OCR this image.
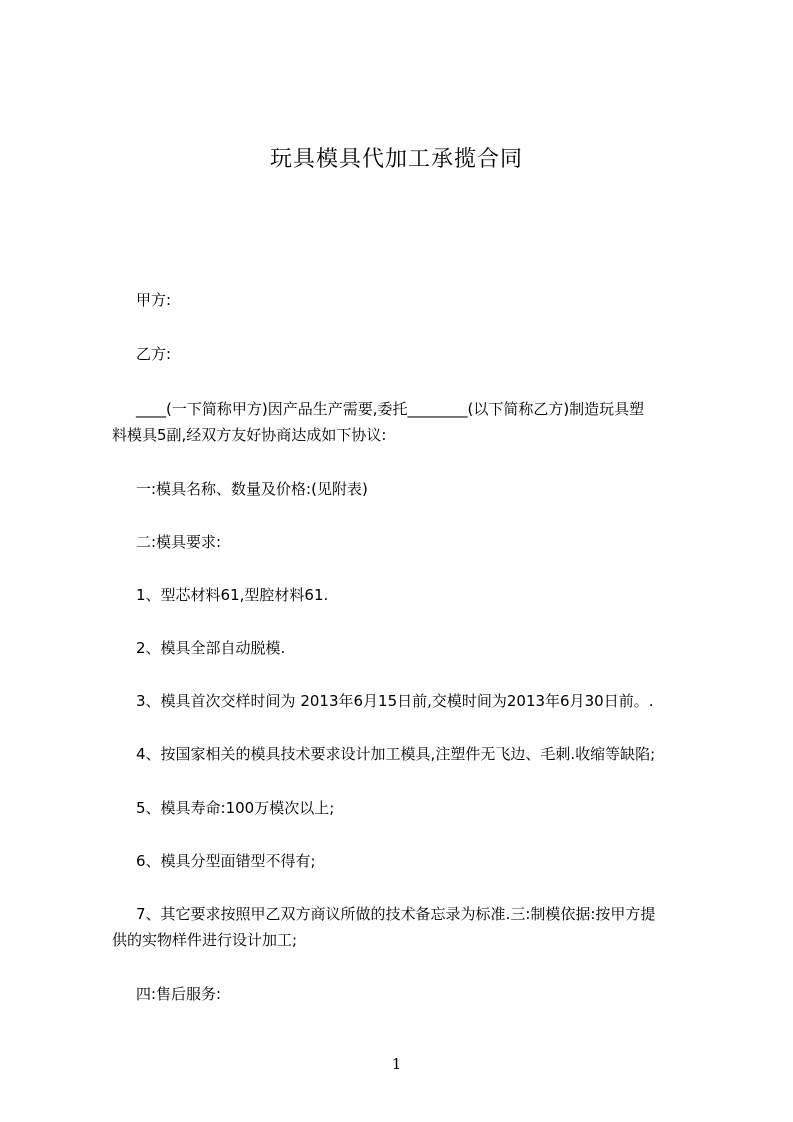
玩具模具代加工承揽合同
甲方:
乙方:
____(一下简称甲方)因产品生产需要,委托________(以下简称乙方)制造玩具塑
料模具5副,经双方友好协商达成如下协议:
一:模具名称、数量及价格:(见附表)
二:模具要求:
1、型芯材料61,型腔材料61.
2、模具全部自动脱模.
3、模具首次交样时间为 2013年6月15日前,交模时间为2013年6月30日前。.
4、按国家相关的模具技术要求设计加工模具,注塑件无飞边、毛刺.收缩等缺陷;
5、模具寿命:100万模次以上;
6、模具分型面错型不得有;
7、其它要求按照甲乙双方商议所做的技术备忘录为标准.三:制模依据:按甲方提
供的实物样件进行设计加工;
四:售后服务:
1
